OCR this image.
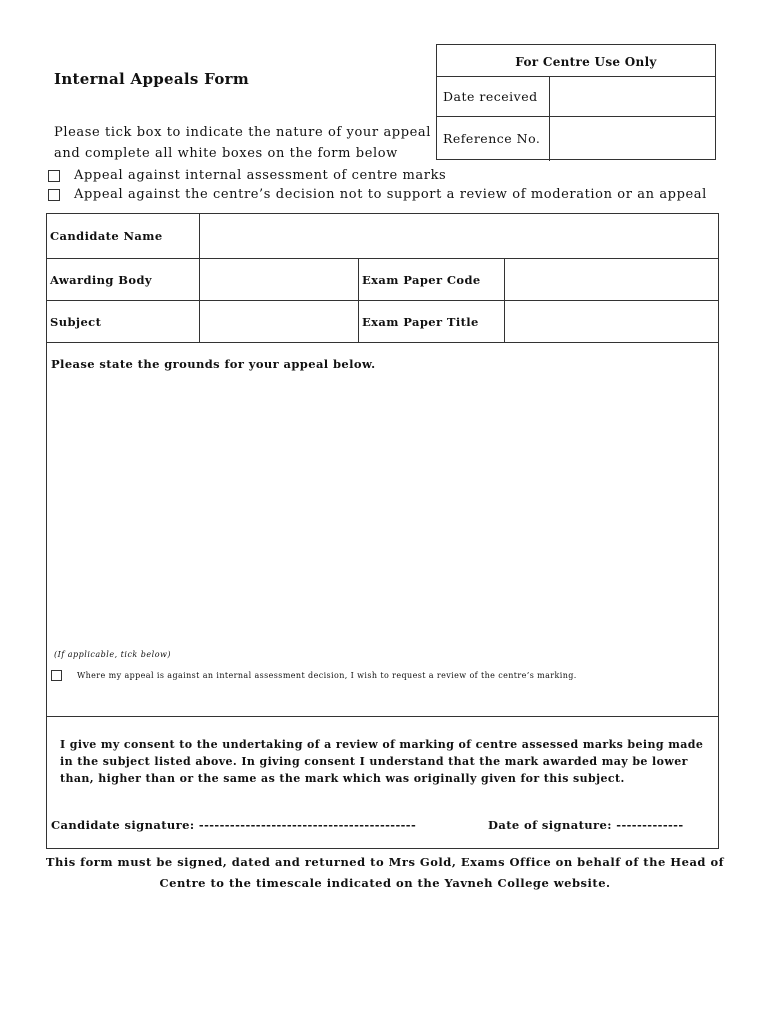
Internal Appeals Form
Please tick box to indicate the nature of your appeal
and complete all white boxes on the form below
For Centre Use Only
Date received
Reference No.
Appeal against internal assessment of centre marks
Appeal against the centre’s decision not to support a review of moderation or an appeal
Candidate Name
Awarding Body	Exam Paper Code
Subject	Exam Paper Title
Please state the grounds for your appeal below.
(If applicable, tick below)
Where my appeal is against an internal assessment decision, I wish to request a review of the centre’s marking.
I give my consent to the undertaking of a review of marking of centre assessed marks being made in the subject listed above. In giving consent I understand that the mark awarded may be lower than, higher than or the same as the mark which was originally given for this subject.
Candidate signature: ------------------------------------------	Date of signature: -------------
This form must be signed, dated and returned to Mrs Gold, Exams Office on behalf of the Head of
Centre to the timescale indicated on the Yavneh College website.
